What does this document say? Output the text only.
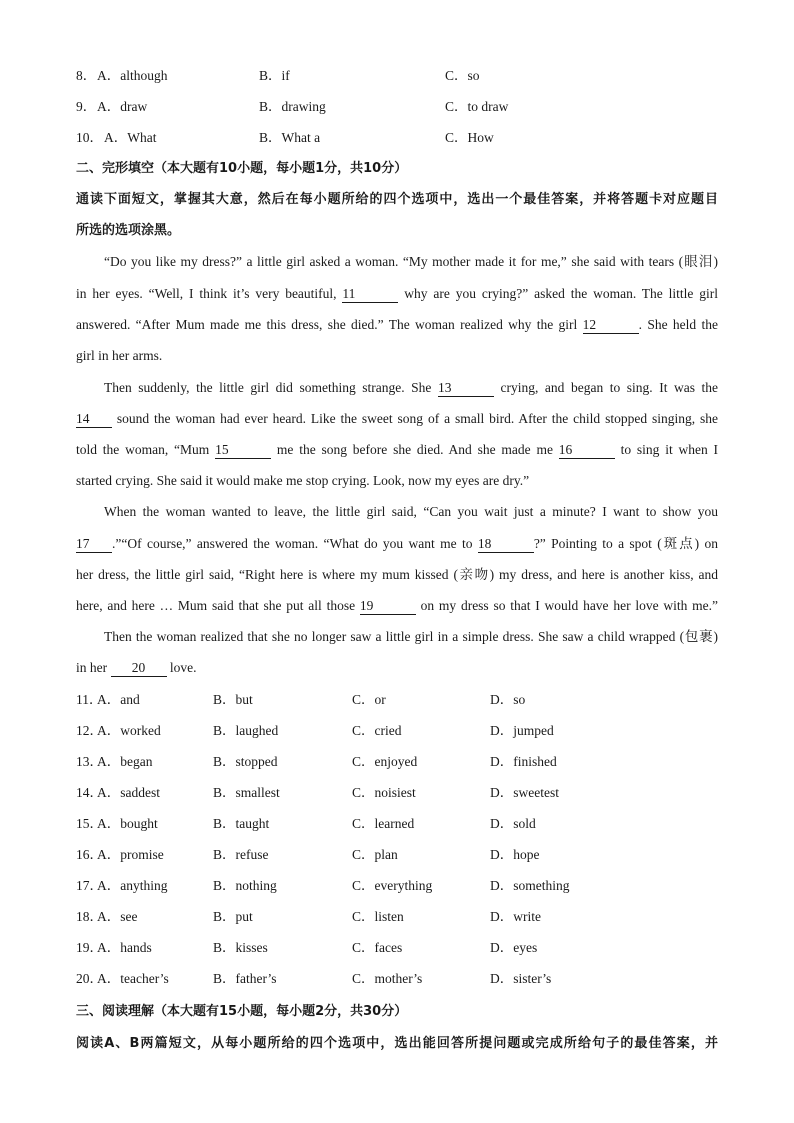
8． A．although	B．if	C．so
9． A．draw	B．drawing	C．to draw
10． A．What	B．What a	C．How
二、完形填空（本大题有10小题，每小题1分，共10分）
通读下面短文，掌握其大意，然后在每小题所给的四个选项中，选出一个最佳答案，并将答题卡对应题目
所选的选项涂黑。
“Do you like my dress?” a little girl asked a woman. “My mother made it for me,” she said with tears (眼泪)
in her eyes. “Well, I think it’s very beautiful, 11	why are you crying?” asked the woman. The little girl
answered. “After Mum made me this dress, she died.” The woman realized why the girl 12	. She held the
girl in her arms.
Then suddenly, the little girl did something strange. She 13	crying, and began to sing. It was the
14 sound the woman had ever heard. Like the sweet song of a small bird. After the child stopped singing, she
told the woman, “Mum 15	me the song before she died. And she made me 16	to sing it when I
started crying. She said it would make me stop crying. Look, now my eyes are dry.”
When the woman wanted to leave, the little girl said, “Can you wait just a minute? I want to show you
17 .”“Of course,” answered the woman. “What do you want me to 18	?” Pointing to a spot (斑点) on
her dress, the little girl said, “Right here is where my mum kissed (亲吻) my dress, and here is another kiss, and
here, and here … Mum said that she put all those 19	on my dress so that I would have her love with me.”
Then the woman realized that she no longer saw a little girl in a simple dress. She saw a child wrapped (包裹)
in her 20 love.
11．
A．and	B．but	C．or	D．so
12．
A．worked	B．laughed	C．cried	D．jumped
13．
A．began	B．stopped	C．enjoyed	D．finished
14．
A．saddest	B．smallest	C．noisiest	D．sweetest
15．
A．bought	B．taught	C．learned	D．sold
16．
A．promise	B．refuse	C．plan	D．hope
17．
A．anything	B．nothing	C．everything	D．something
18．
A．see	B．put	C．listen	D．write
19．
A．hands	B．kisses	C．faces	D．eyes
20．
A．teacher’s	B．father’s	C．mother’s	D．sister’s
三、阅读理解（本大题有15小题，每小题2分，共30分）
阅读A、B两篇短文，从每小题所给的四个选项中，选出能回答所提问题或完成所给句子的最佳答案，并
